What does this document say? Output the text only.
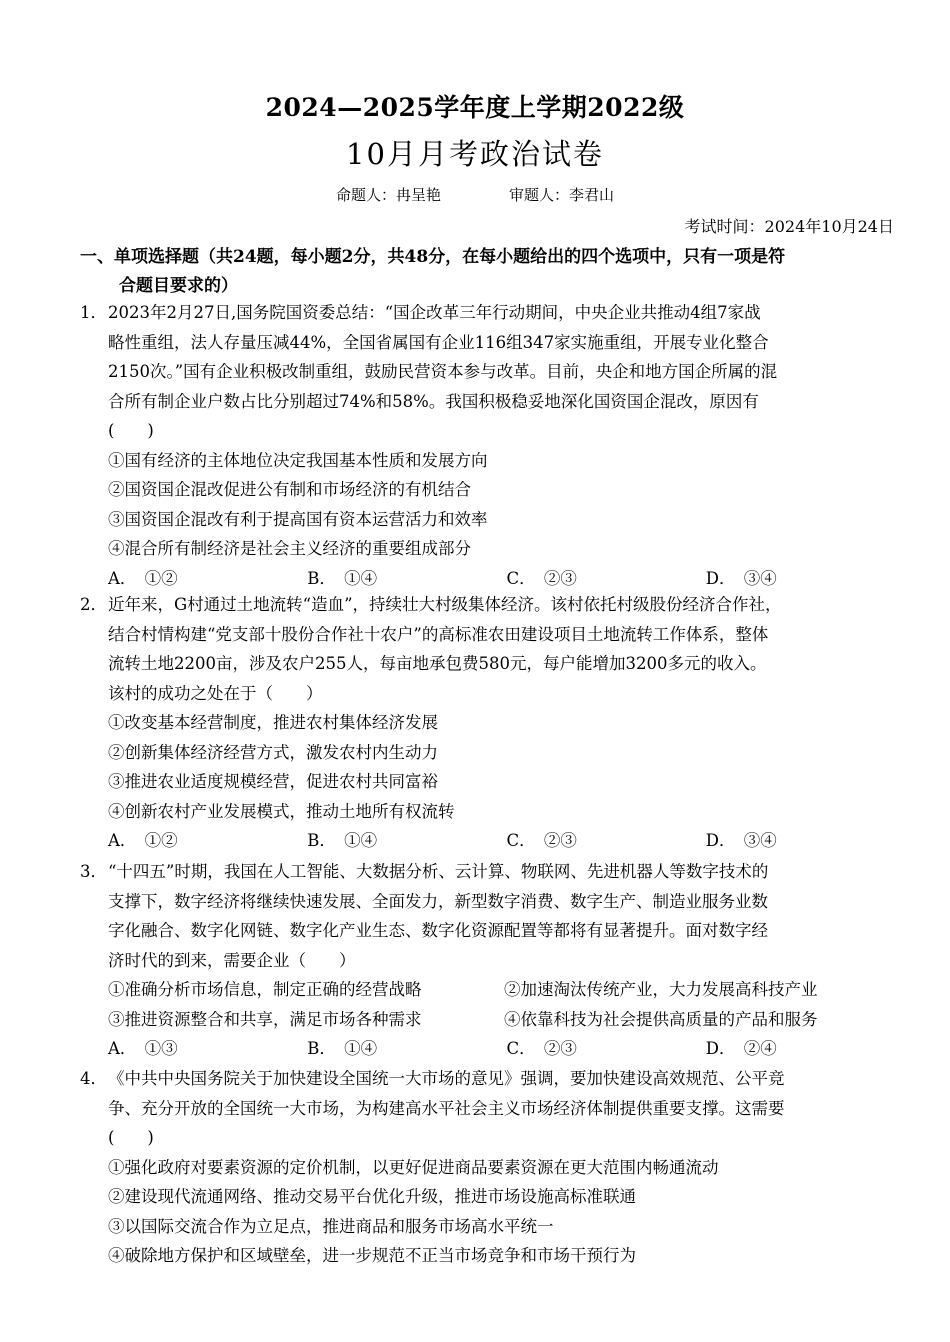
2024—2025学年度上学期2022级
10月月考政治试卷
命题人：冉呈艳	审题人：李君山
考试时间：2024年10月24日
一、单项选择题（共24题，每小题2分，共48分，在每小题给出的四个选项中，只有一项是符
合题目要求的）
1．2023年2月27日,国务院国资委总结：“国企改革三年行动期间，中央企业共推动4组7家战
略性重组，法人存量压减44%，全国省属国有企业116组347家实施重组，开展专业化整合
2150次。”国有企业积极改制重组，鼓励民营资本参与改革。目前，央企和地方国企所属的混
合所有制企业户数占比分别超过74%和58%。我国积极稳妥地深化国资国企混改，原因有
(　　)
①国有经济的主体地位决定我国基本性质和发展方向
②国资国企混改促进公有制和市场经济的有机结合
③国资国企混改有利于提高国有资本运营活力和效率
④混合所有制经济是社会主义经济的重要组成部分
A．　①②	B．　①④	C．　②③	D．　③④
2．近年来，G村通过土地流转“造血”，持续壮大村级集体经济。该村依托村级股份经济合作社，
结合村情构建“党支部十股份合作社十农户”的高标准农田建设项目土地流转工作体系，整体
流转土地2200亩，涉及农户255人，每亩地承包费580元，每户能增加3200多元的收入。
该村的成功之处在于（　　）
①改变基本经营制度，推进农村集体经济发展
②创新集体经济经营方式，激发农村内生动力
③推进农业适度规模经营，促进农村共同富裕
④创新农村产业发展模式，推动土地所有权流转
A．　①②	B．　①④	C．　②③	D．　③④
3．“十四五”时期，我国在人工智能、大数据分析、云计算、物联网、先进机器人等数字技术的
支撑下，数字经济将继续快速发展、全面发力，新型数字消费、数字生产、制造业服务业数
字化融合、数字化网链、数字化产业生态、数字化资源配置等都将有显著提升。面对数字经
济时代的到来，需要企业（　　）
①准确分析市场信息，制定正确的经营战略	②加速淘汰传统产业，大力发展高科技产业
③推进资源整合和共享，满足市场各种需求	④依靠科技为社会提供高质量的产品和服务
A．　①③	B．　①④	C．　②③	D．　②④
4．《中共中央国务院关于加快建设全国统一大市场的意见》强调，要加快建设高效规范、公平竞
争、充分开放的全国统一大市场，为构建高水平社会主义市场经济体制提供重要支撑。这需要
(　　)
①强化政府对要素资源的定价机制，以更好促进商品要素资源在更大范围内畅通流动
②建设现代流通网络、推动交易平台优化升级，推进市场设施高标准联通
③以国际交流合作为立足点，推进商品和服务市场高水平统一
④破除地方保护和区域壁垒，进一步规范不正当市场竞争和市场干预行为
